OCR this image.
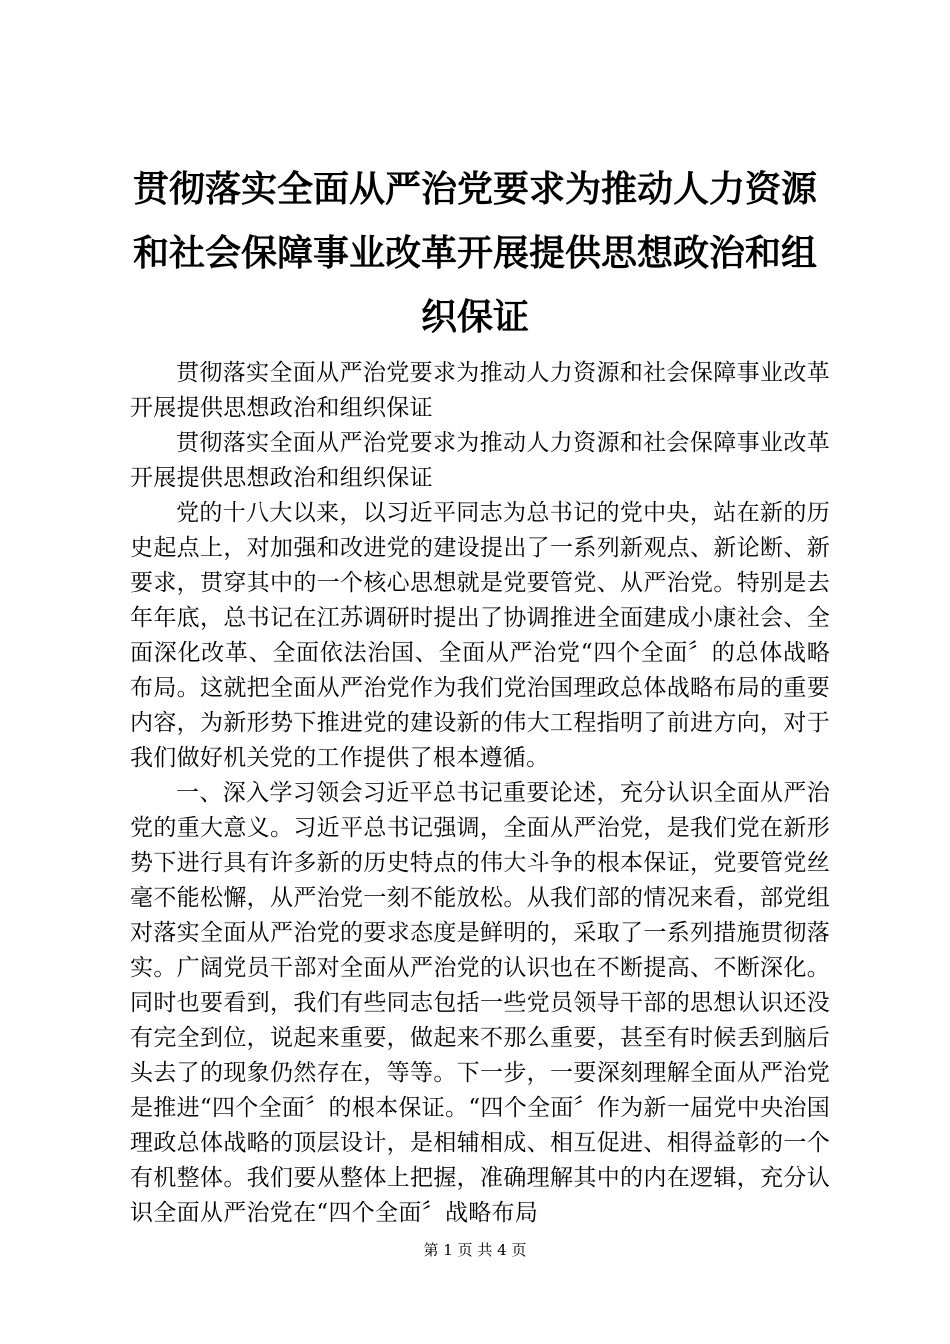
贯彻落实全面从严治党要求为推动人力资源和社会保障事业改革开展提供思想政治和组织保证

贯彻落实全面从严治党要求为推动人力资源和社会保障事业改革开展提供思想政治和组织保证

贯彻落实全面从严治党要求为推动人力资源和社会保障事业改革开展提供思想政治和组织保证

党的十八大以来，以习近平同志为总书记的党中央，站在新的历史起点上，对加强和改进党的建设提出了一系列新观点、新论断、新要求，贯穿其中的一个核心思想就是党要管党、从严治党。特别是去年年底，总书记在江苏调研时提出了协调推进全面建成小康社会、全面深化改革、全面依法治国、全面从严治党“四个全面〞的总体战略布局。这就把全面从严治党作为我们党治国理政总体战略布局的重要内容，为新形势下推进党的建设新的伟大工程指明了前进方向，对于我们做好机关党的工作提供了根本遵循。

一、深入学习领会习近平总书记重要论述，充分认识全面从严治党的重大意义。习近平总书记强调，全面从严治党，是我们党在新形势下进行具有许多新的历史特点的伟大斗争的根本保证，党要管党丝毫不能松懈，从严治党一刻不能放松。从我们部的情况来看，部党组对落实全面从严治党的要求态度是鲜明的，采取了一系列措施贯彻落实。广阔党员干部对全面从严治党的认识也在不断提高、不断深化。同时也要看到，我们有些同志包括一些党员领导干部的思想认识还没有完全到位，说起来重要，做起来不那么重要，甚至有时候丢到脑后头去了的现象仍然存在，等等。下一步，一要深刻理解全面从严治党是推进“四个全面〞的根本保证。“四个全面〞作为新一届党中央治国理政总体战略的顶层设计，是相辅相成、相互促进、相得益彰的一个有机整体。我们要从整体上把握，准确理解其中的内在逻辑，充分认识全面从严治党在“四个全面〞战略布局

第 1 页 共 4 页
